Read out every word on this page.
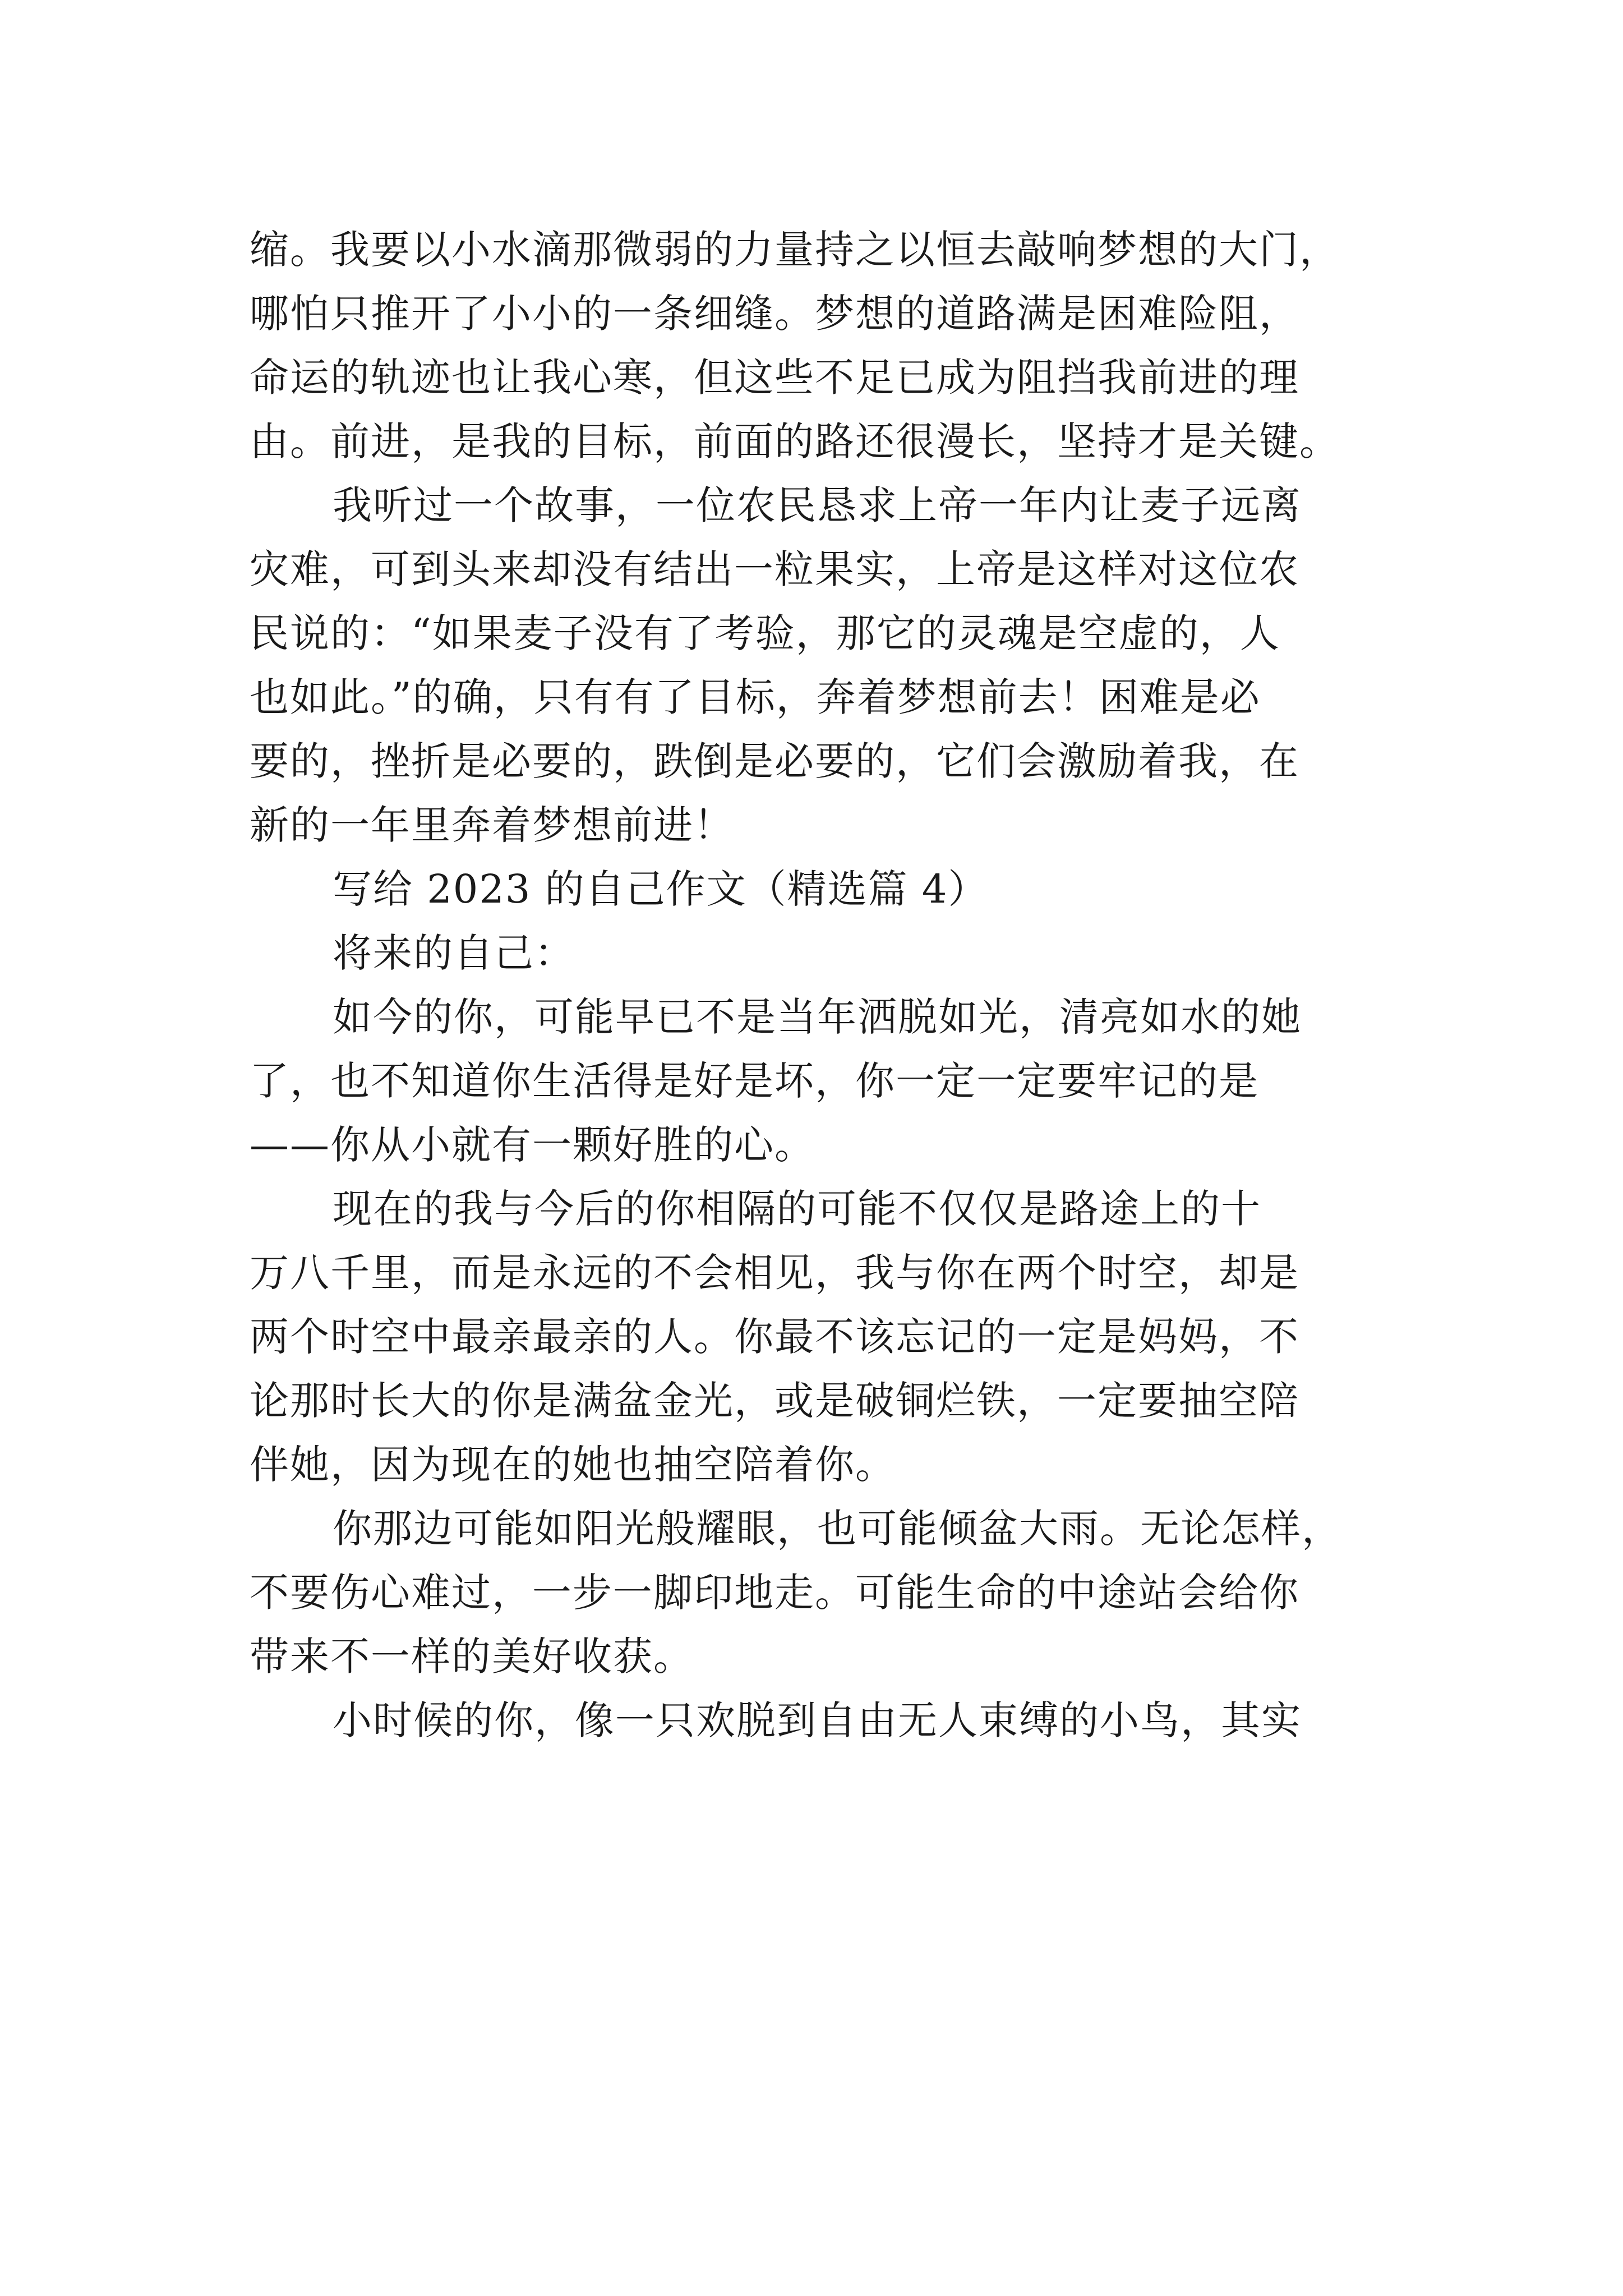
缩。我要以小水滴那微弱的力量持之以恒去敲响梦想的大门，
哪怕只推开了小小的一条细缝。梦想的道路满是困难险阻，
命运的轨迹也让我心寒，但这些不足已成为阻挡我前进的理
由。前进，是我的目标，前面的路还很漫长，坚持才是关键。
我听过一个故事，一位农民恳求上帝一年内让麦子远离
灾难，可到头来却没有结出一粒果实，上帝是这样对这位农
民说的：“如果麦子没有了考验，那它的灵魂是空虚的，人
也如此。”的确，只有有了目标，奔着梦想前去！困难是必
要的，挫折是必要的，跌倒是必要的，它们会激励着我，在
新的一年里奔着梦想前进！
写给 2023 的自己作文（精选篇 4）
将来的自己：
如今的你，可能早已不是当年洒脱如光，清亮如水的她
了，也不知道你生活得是好是坏，你一定一定要牢记的是
——你从小就有一颗好胜的心。
现在的我与今后的你相隔的可能不仅仅是路途上的十
万八千里，而是永远的不会相见，我与你在两个时空，却是
两个时空中最亲最亲的人。你最不该忘记的一定是妈妈，不
论那时长大的你是满盆金光，或是破铜烂铁，一定要抽空陪
伴她，因为现在的她也抽空陪着你。
你那边可能如阳光般耀眼，也可能倾盆大雨。无论怎样，
不要伤心难过，一步一脚印地走。可能生命的中途站会给你
带来不一样的美好收获。
小时候的你，像一只欢脱到自由无人束缚的小鸟，其实
